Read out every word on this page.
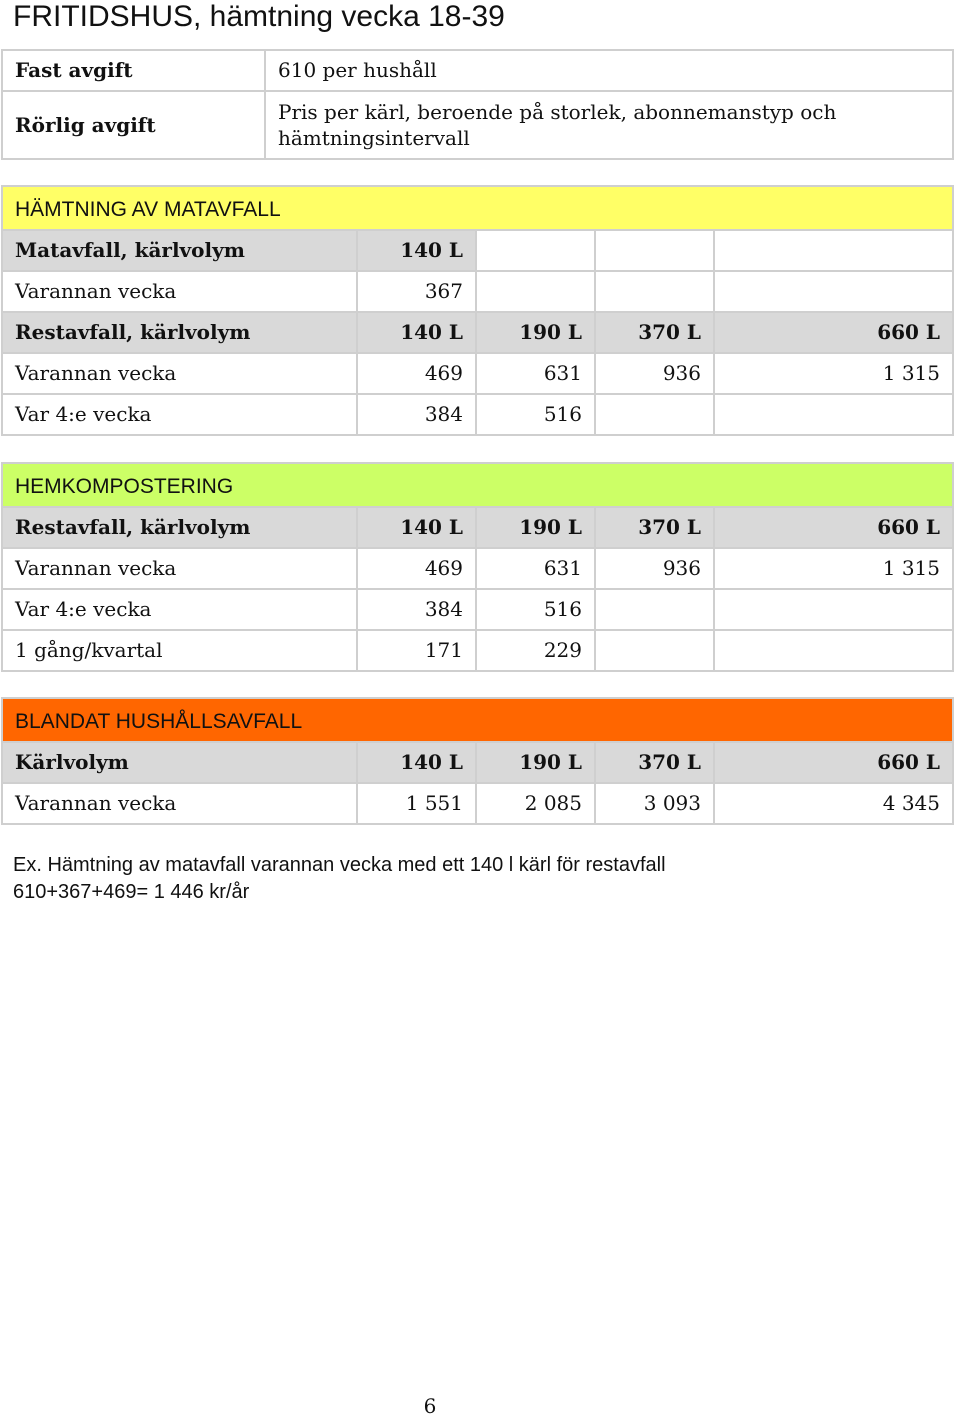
FRITIDSHUS, hämtning vecka 18-39
Fast avgift	610 per hushåll
Rörlig avgift	Pris per kärl, beroende på storlek, abonnemanstyp och hämtningsintervall
HÄMTNING AV MATAVFALL				
Matavfall, kärlvolym	140 L			
Varannan vecka	367			
Restavfall, kärlvolym	140 L	190 L	370 L	660 L
Varannan vecka	469	631	936	1 315
Var 4:e vecka	384	516		
HEMKOMPOSTERING				
Restavfall, kärlvolym	140 L	190 L	370 L	660 L
Varannan vecka	469	631	936	1 315
Var 4:e vecka	384	516		
1 gång/kvartal	171	229		
BLANDAT HUSHÅLLSAVFALL				
Kärlvolym	140 L	190 L	370 L	660 L
Varannan vecka	1 551	2 085	3 093	4 345
Ex. Hämtning av matavfall varannan vecka med ett 140 l kärl för restavfall
610+367+469= 1 446 kr/år
6
